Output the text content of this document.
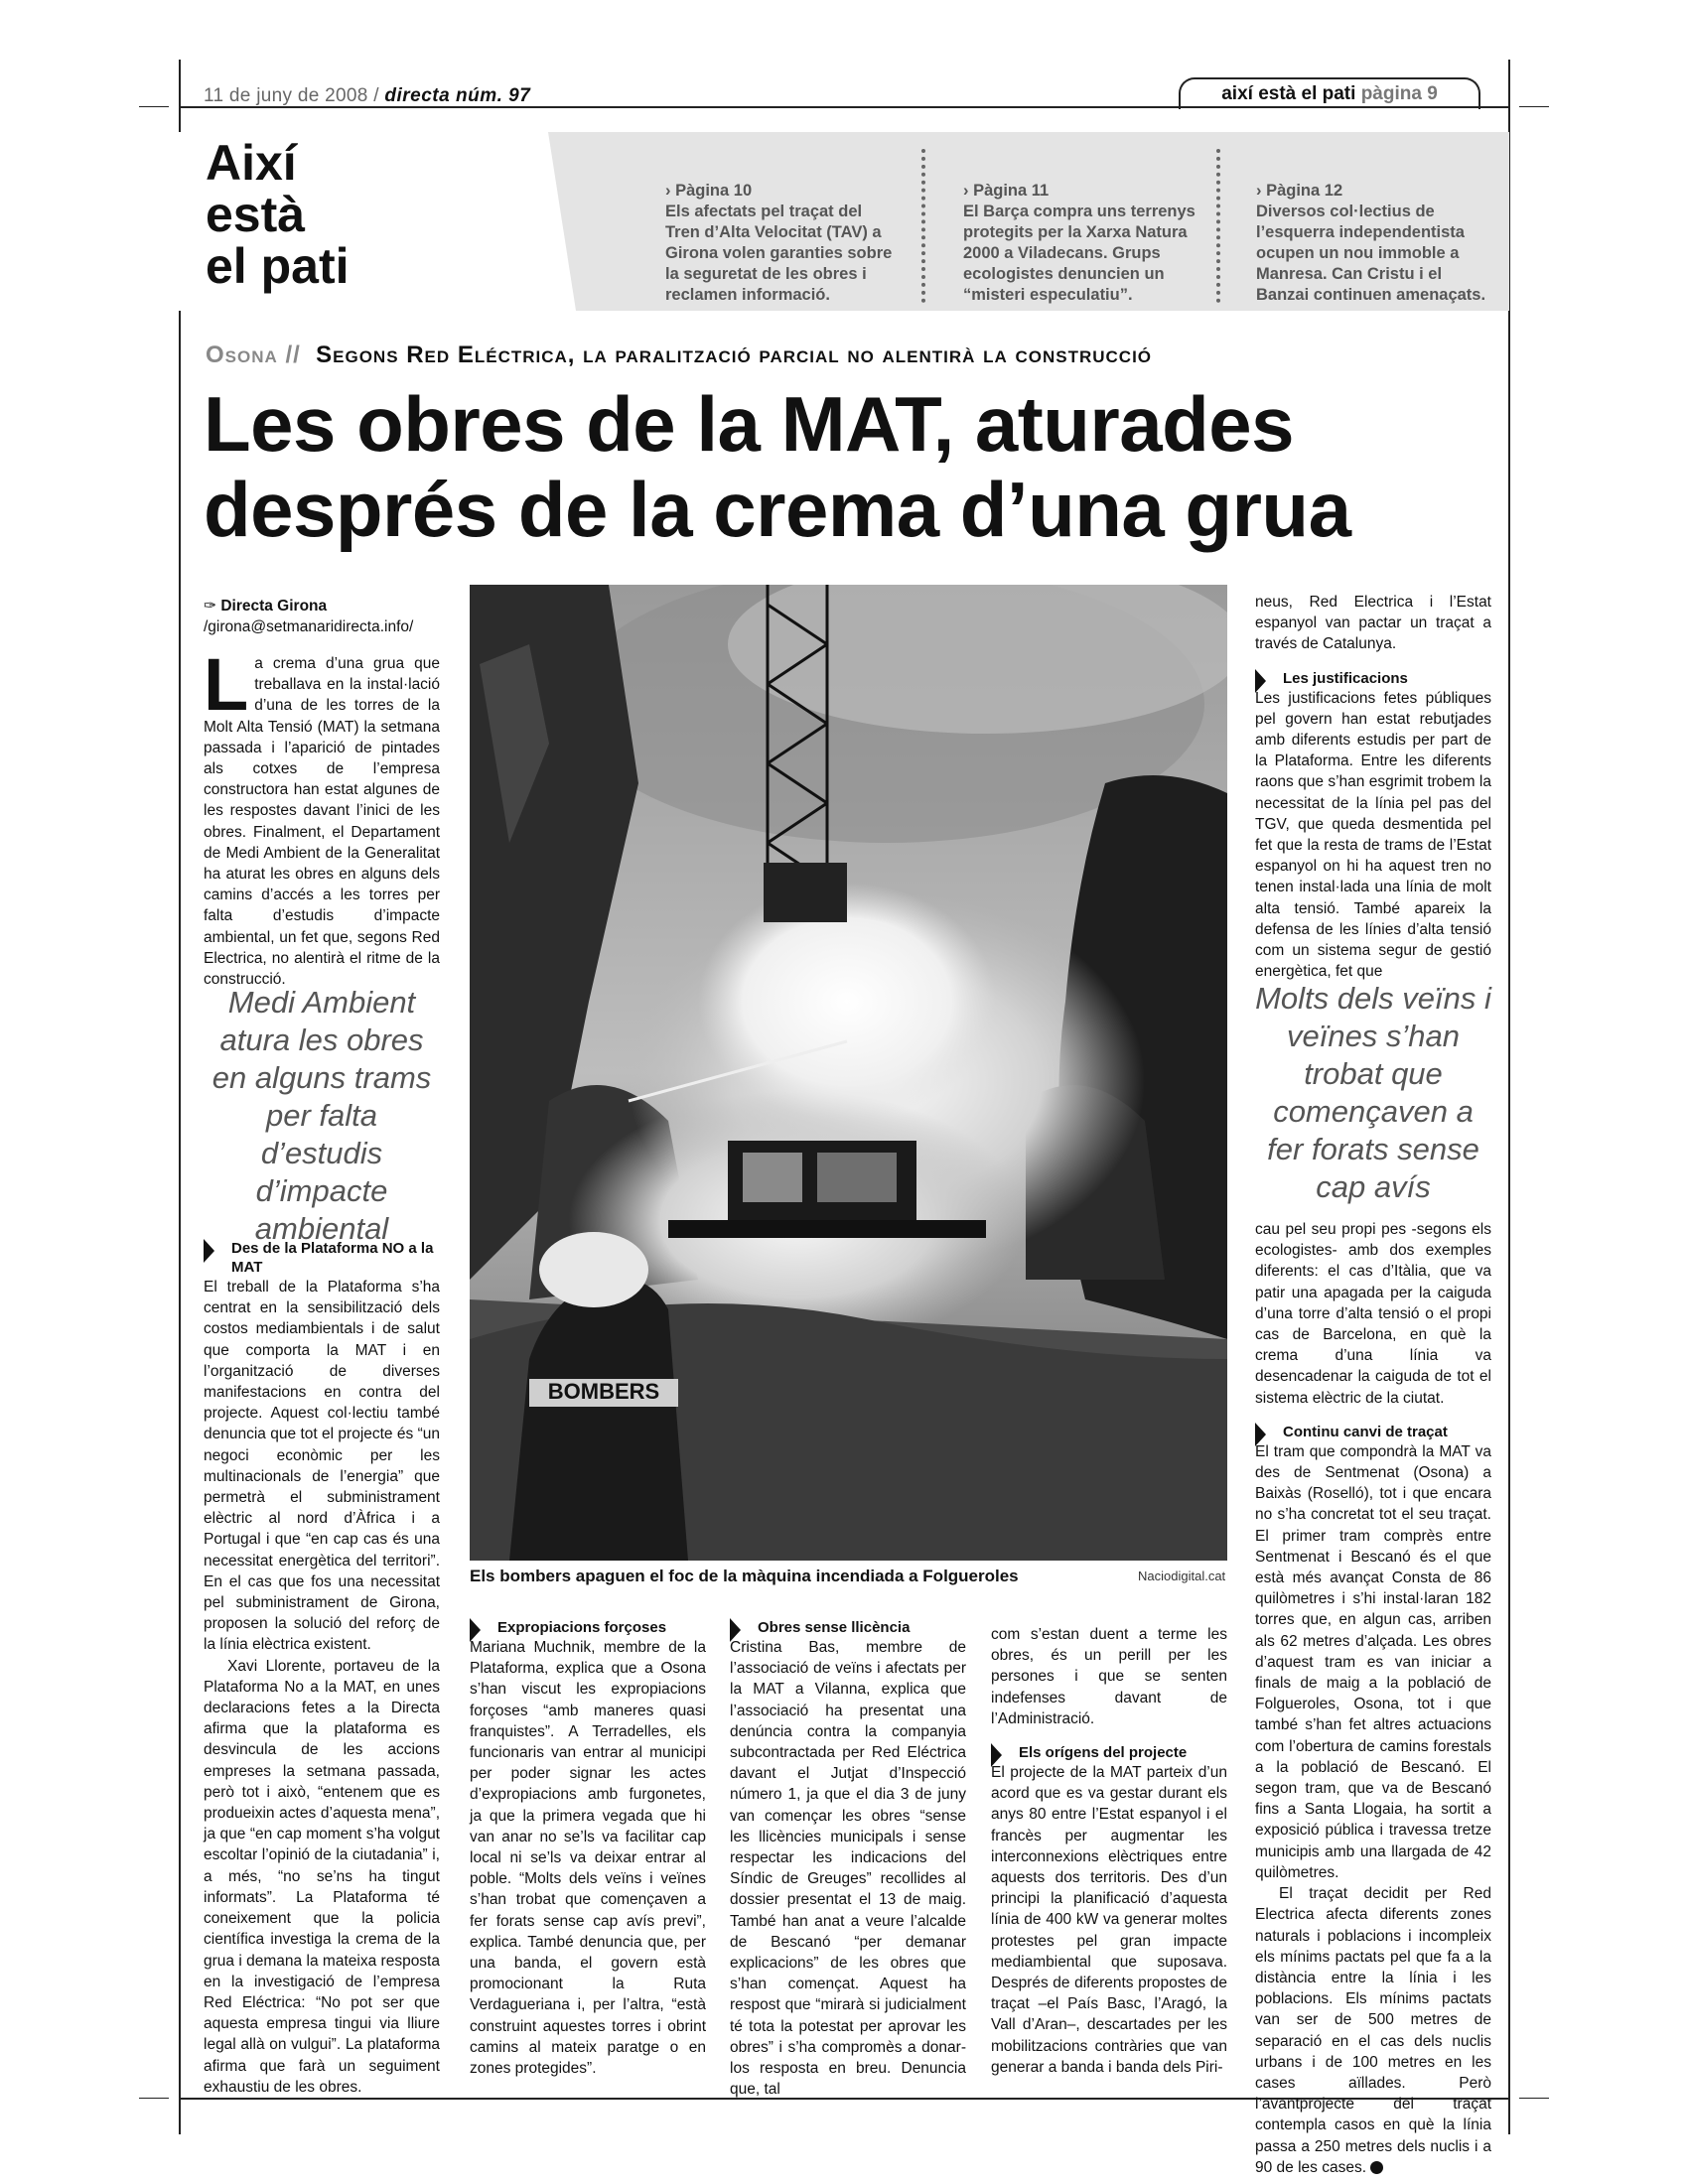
11 de juny de 2008 / directa núm. 97	així està el pati pàgina 9
Així
està
el pati
› Pàgina 10
Els afectats pel traçat del Tren d’Alta Velocitat (TAV) a Girona volen garanties sobre la seguretat de les obres i reclamen informació.
› Pàgina 11
El Barça compra uns terrenys protegits per la Xarxa Natura 2000 a Viladecans. Grups ecologistes denuncien un “misteri especulatiu”.
› Pàgina 12
Diversos col·lectius de l’esquerra independentista ocupen un nou immoble a Manresa. Can Cristu i el Banzai continuen amenaçats.
Osona // Segons Red Eléctrica, la paralització parcial no alentirà la construcció
Les obres de la MAT, aturades
després de la crema d’una grua
✑ Directa Girona
/girona@setmanaridirecta.info/

La crema d’una grua que treballava en la instal·lació d’una de les torres de la Molt Alta Tensió (MAT) la setmana passada i l’aparició de pintades als cotxes de l’empresa constructora han estat algunes de les respostes davant l’inici de les obres. Finalment, el Departament de Medi Ambient de la Generalitat ha aturat les obres en alguns dels camins d’accés a les torres per falta d’estudis d’impacte ambiental, un fet que, segons Red Electrica, no alentirà el ritme de la construcció.

Medi Ambient atura les obres en alguns trams per falta d’estudis d’impacte ambiental
Des de la Plataforma NO a la MAT

El treball de la Plataforma s’ha centrat en la sensibilització dels costos mediambientals i de salut que comporta la MAT i en l’organització de diverses manifestacions en contra del projecte. Aquest col·lectiu també denuncia que tot el projecte és “un negoci econòmic per les multinacionals de l’energia” que permetrà el subministrament elèctric al nord d’Àfrica i a Portugal i que “en cap cas és una necessitat energètica del territori”. En el cas que fos una necessitat pel subministrament de Girona, proposen la solució del reforç de la línia elèctrica existent.

Xavi Llorente, portaveu de la Plataforma No a la MAT, en unes declaracions fetes a la Directa afirma que la plataforma es desvincula de les accions empreses la setmana passada, però tot i això, “entenem que es produeixin actes d’aquesta mena”, ja que “en cap moment s’ha volgut escoltar l’opinió de la ciutadania” i, a més, “no se’ns ha tingut informats”. La Plataforma té coneixement que la policia científica investiga la crema de la grua i demana la mateixa resposta en la investigació de l’empresa Red Eléctrica: “No pot ser que aquesta empresa tingui via lliure legal allà on vulgui”. La plataforma afirma que farà un seguiment exhaustiu de les obres.

BOMBERS
Els bombers apaguen el foc de la màquina incendiada a Folgueroles	Naciodigital.cat
Expropiacions forçoses

Mariana Muchnik, membre de la Plataforma, explica que a Osona s’han viscut les expropiacions forçoses “amb maneres quasi franquistes”. A Terradelles, els funcionaris van entrar al municipi per poder signar les actes d’expropiacions amb furgonetes, ja que la primera vegada que hi van anar no se’ls va facilitar cap local ni se’ls va deixar entrar al poble. “Molts dels veïns i veïnes s’han trobat que començaven a fer forats sense cap avís previ”, explica. També denuncia que, per una banda, el govern està promocionant la Ruta Verdagueriana i, per l’altra, “està construint aquestes torres i obrint camins al mateix paratge o en zones protegides”.

Obres sense llicència

Cristina Bas, membre de l’associació de veïns i afectats per la MAT a Vilanna, explica que l’associació ha presentat una denúncia contra la companyia subcontractada per Red Eléctrica davant el Jutjat d’Inspecció número 1, ja que el dia 3 de juny van començar les obres “sense les llicències municipals i sense respectar les indicacions del Síndic de Greuges” recollides al dossier presentat el 13 de maig. També han anat a veure l’alcalde de Bescanó “per demanar explicacions” de les obres que s’han començat. Aquest ha respost que “mirarà si judicialment té tota la potestat per aprovar les obres” i s’ha compromès a donar-los resposta en breu. Denuncia que, tal

com s’estan duent a terme les obres, és un perill per les persones i que se senten indefenses davant de l’Administració.

Els orígens del projecte

El projecte de la MAT parteix d’un acord que es va gestar durant els anys 80 entre l’Estat espanyol i el francès per augmentar les interconnexions elèctriques entre aquests dos territoris. Des d’un principi la planificació d’aquesta línia de 400 kW va generar moltes protestes pel gran impacte mediambiental que suposava. Després de diferents propostes de traçat –el País Basc, l’Aragó, la Vall d’Aran–, descartades per les mobilitzacions contràries que van generar a banda i banda dels Piri-

neus, Red Electrica i l’Estat espanyol van pactar un traçat a través de Catalunya.

Les justificacions

Les justificacions fetes públiques pel govern han estat rebutjades amb diferents estudis per part de la Plataforma. Entre les diferents raons que s’han esgrimit trobem la necessitat de la línia pel pas del TGV, que queda desmentida pel fet que la resta de trams de l’Estat espanyol on hi ha aquest tren no tenen instal·lada una línia de molt alta tensió. També apareix la defensa de les línies d’alta tensió com un sistema segur de gestió energètica, fet que

Molts dels veïns i veïnes s’han trobat que començaven a fer forats sense cap avís

cau pel seu propi pes -segons els ecologistes- amb dos exemples diferents: el cas d’Itàlia, que va patir una apagada per la caiguda d’una torre d’alta tensió o el propi cas de Barcelona, en què la crema d’una línia va desencadenar la caiguda de tot el sistema elèctric de la ciutat.

Continu canvi de traçat

El tram que compondrà la MAT va des de Sentmenat (Osona) a Baixàs (Roselló), tot i que encara no s’ha concretat tot el seu traçat. El primer tram comprès entre Sentmenat i Bescanó és el que està més avançat Consta de 86 quilòmetres i s’hi instal·laran 182 torres que, en algun cas, arriben als 62 metres d’alçada. Les obres d’aquest tram es van iniciar a finals de maig a la població de Folgueroles, Osona, tot i que també s’han fet altres actuacions com l’obertura de camins forestals a la població de Bescanó. El segon tram, que va de Bescanó fins a Santa Llogaia, ha sortit a exposició pública i travessa tretze municipis amb una llargada de 42 quilòmetres.

El traçat decidit per Red Electrica afecta diferents zones naturals i poblacions i incompleix els mínims pactats pel que fa a la distància entre la línia i les poblacions. Els mínims pactats van ser de 500 metres de separació en el cas dels nuclis urbans i de 100 metres en les cases aïllades. Però l’avantprojecte del traçat contempla casos en què la línia passa a 250 metres dels nuclis i a 90 de les cases.
